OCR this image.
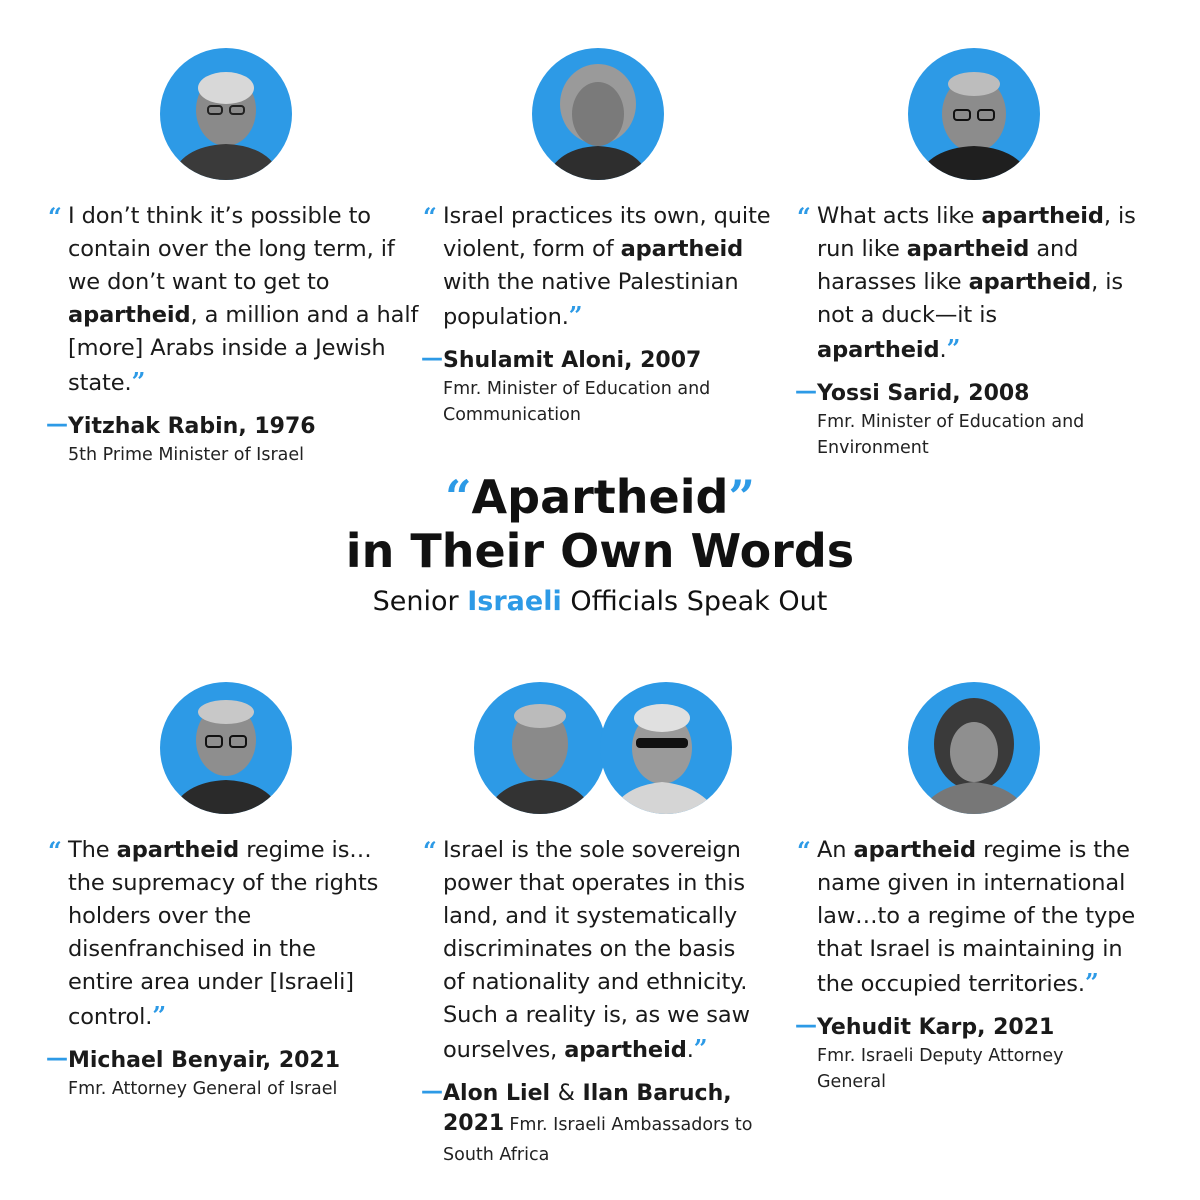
“ I don’t think it’s possible to contain over the long term, if we don’t want to get to apartheid, a million and a half [more] Arabs inside a Jewish state.”
— Yitzhak Rabin, 1976
5th Prime Minister of Israel
“ Israel practices its own, quite violent, form of apartheid with the native Palestinian population.”
— Shulamit Aloni, 2007
Fmr. Minister of Education and Communication
“ What acts like apartheid, is run like apartheid and harasses like apartheid, is not a duck—it is apartheid.”
— Yossi Sarid, 2008
Fmr. Minister of Education and Environment
“Apartheid”
in Their Own Words
Senior Israeli Officials Speak Out
“ The apartheid regime is… the supremacy of the rights holders over the disenfranchised in the entire area under [Israeli] control.”
— Michael Benyair, 2021
Fmr. Attorney General of Israel
“ Israel is the sole sovereign power that operates in this land, and it systematically discriminates on the basis of nationality and ethnicity. Such a reality is, as we saw ourselves, apartheid.”
— Alon Liel & Ilan Baruch,
2021 Fmr. Israeli Ambassadors to South Africa
“ An apartheid regime is the name given in international law…to a regime of the type that Israel is maintaining in the occupied territories.”
— Yehudit Karp, 2021
Fmr. Israeli Deputy Attorney General
